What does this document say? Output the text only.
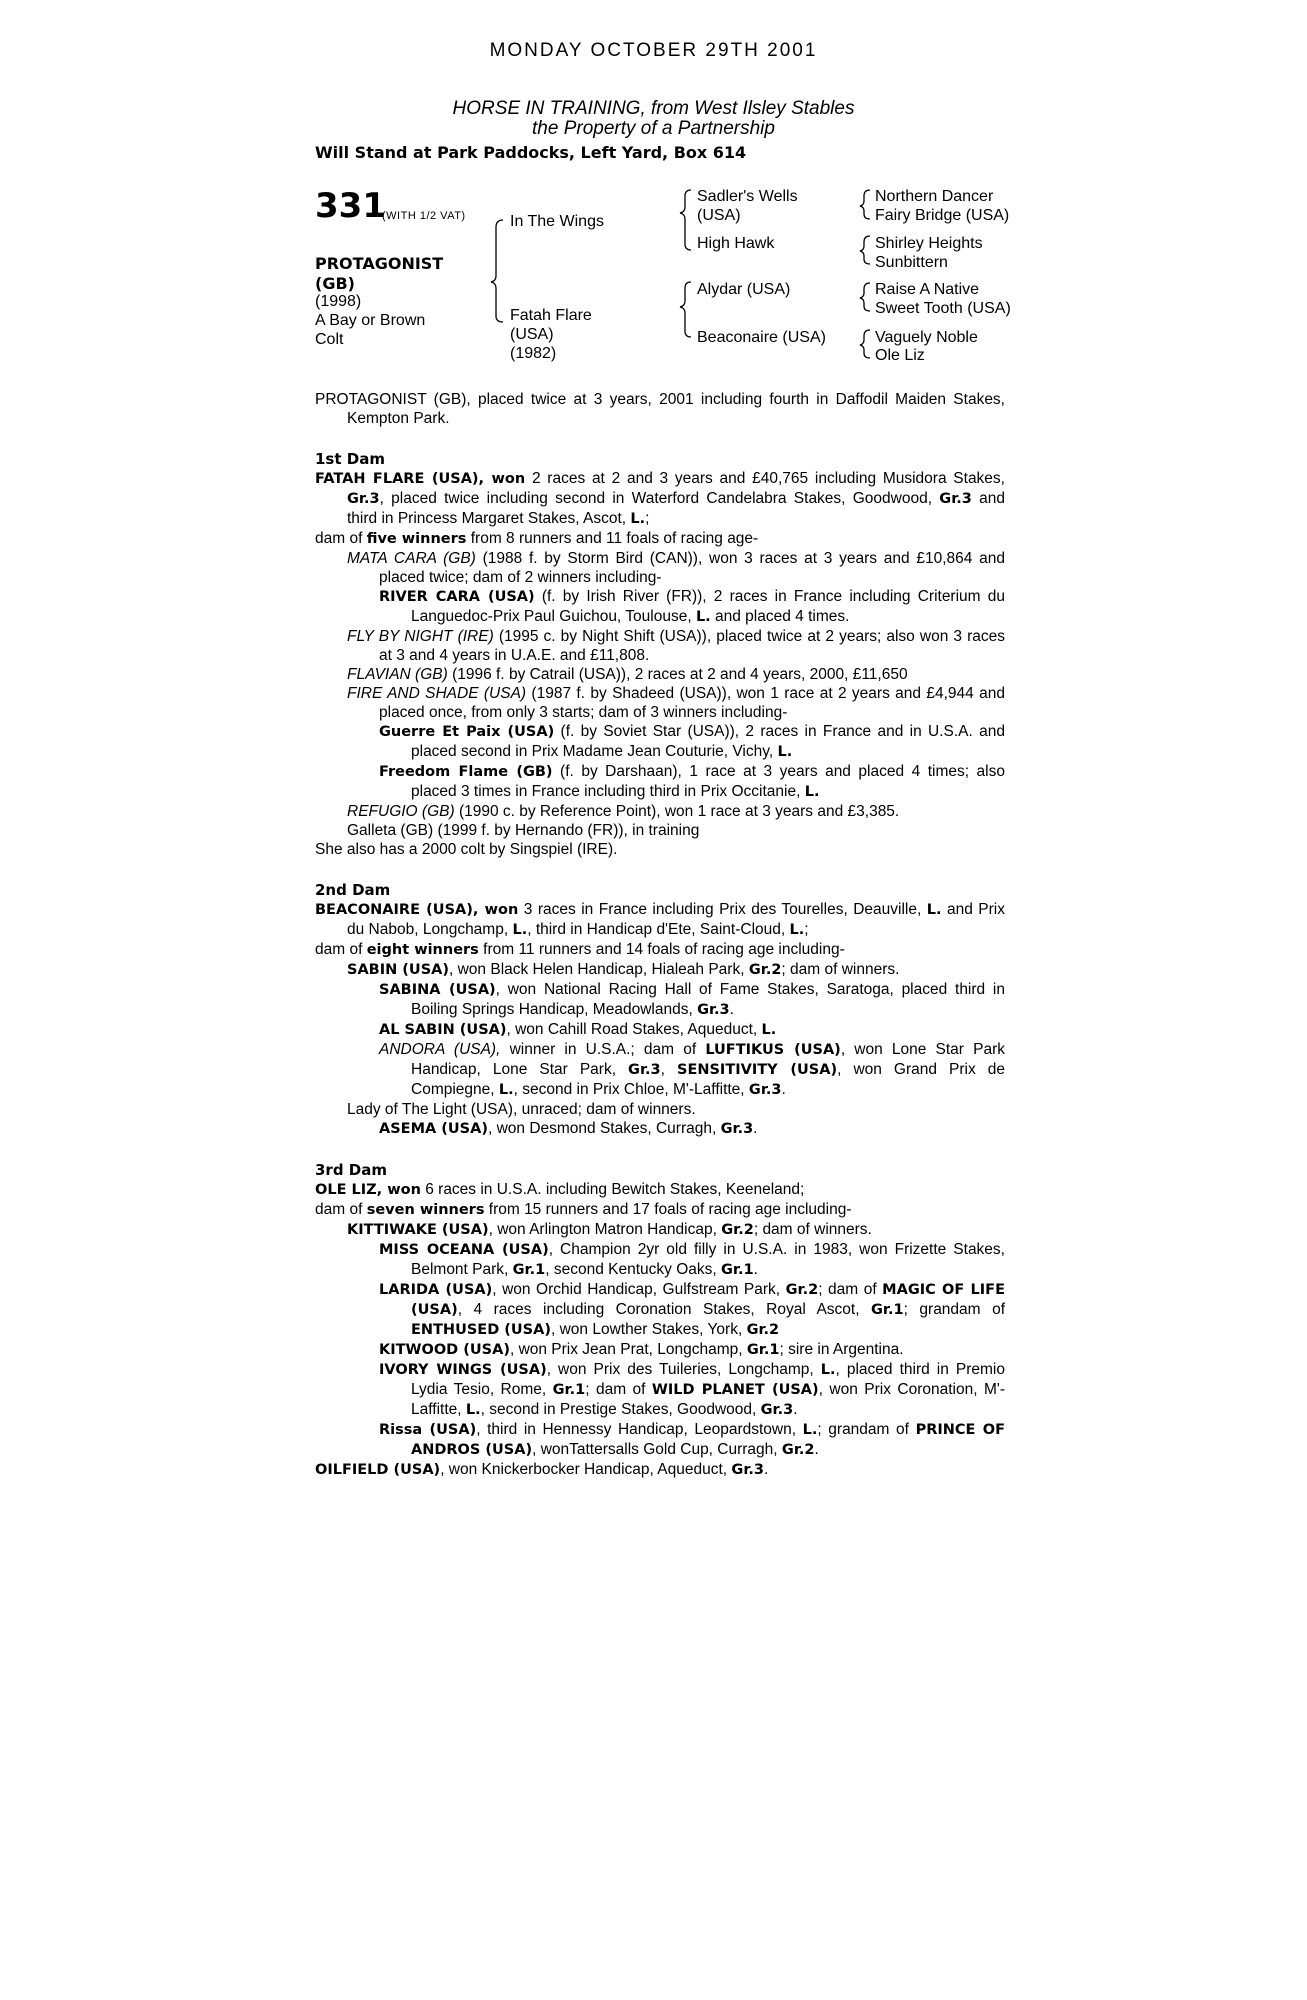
MONDAY OCTOBER 29TH 2001
HORSE IN TRAINING, from West Ilsley Stables
the Property of a Partnership
Will Stand at Park Paddocks, Left Yard, Box 614
331
(WITH 1/2 VAT)
PROTAGONIST
(GB)
(1998)
A Bay or Brown
Colt
In The Wings
Fatah Flare
(USA)
(1982)
Sadler's Wells
(USA)
High Hawk
Alydar (USA)
Beaconaire (USA)
Northern Dancer
Fairy Bridge (USA)
Shirley Heights
Sunbittern
Raise A Native
Sweet Tooth (USA)
Vaguely Noble
Ole Liz

PROTAGONIST (GB), placed twice at 3 years, 2001 including fourth in Daffodil Maiden Stakes, Kempton Park.

1st Dam

FATAH FLARE (USA), won 2 races at 2 and 3 years and £40,765 including Musidora Stakes, Gr.3, placed twice including second in Waterford Candelabra Stakes, Goodwood, Gr.3 and third in Princess Margaret Stakes, Ascot, L.;

dam of five winners from 8 runners and 11 foals of racing age-

MATA CARA (GB) (1988 f. by Storm Bird (CAN)), won 3 races at 3 years and £10,864 and placed twice; dam of 2 winners including-

RIVER CARA (USA) (f. by Irish River (FR)), 2 races in France including Criterium du Languedoc-Prix Paul Guichou, Toulouse, L. and placed 4 times.

FLY BY NIGHT (IRE) (1995 c. by Night Shift (USA)), placed twice at 2 years; also won 3 races at 3 and 4 years in U.A.E. and £11,808.

FLAVIAN (GB) (1996 f. by Catrail (USA)), 2 races at 2 and 4 years, 2000, £11,650

FIRE AND SHADE (USA) (1987 f. by Shadeed (USA)), won 1 race at 2 years and £4,944 and placed once, from only 3 starts; dam of 3 winners including-

Guerre Et Paix (USA) (f. by Soviet Star (USA)), 2 races in France and in U.S.A. and placed second in Prix Madame Jean Couturie, Vichy, L.

Freedom Flame (GB) (f. by Darshaan), 1 race at 3 years and placed 4 times; also placed 3 times in France including third in Prix Occitanie, L.

REFUGIO (GB) (1990 c. by Reference Point), won 1 race at 3 years and £3,385.

Galleta (GB) (1999 f. by Hernando (FR)), in training

She also has a 2000 colt by Singspiel (IRE).

2nd Dam

BEACONAIRE (USA), won 3 races in France including Prix des Tourelles, Deauville, L. and Prix du Nabob, Longchamp, L., third in Handicap d'Ete, Saint-Cloud, L.;

dam of eight winners from 11 runners and 14 foals of racing age including-

SABIN (USA), won Black Helen Handicap, Hialeah Park, Gr.2; dam of winners.

SABINA (USA), won National Racing Hall of Fame Stakes, Saratoga, placed third in Boiling Springs Handicap, Meadowlands, Gr.3.

AL SABIN (USA), won Cahill Road Stakes, Aqueduct, L.

ANDORA (USA), winner in U.S.A.; dam of LUFTIKUS (USA), won Lone Star Park Handicap, Lone Star Park, Gr.3, SENSITIVITY (USA), won Grand Prix de Compiegne, L., second in Prix Chloe, M'-Laffitte, Gr.3.

Lady of The Light (USA), unraced; dam of winners.

ASEMA (USA), won Desmond Stakes, Curragh, Gr.3.

3rd Dam

OLE LIZ, won 6 races in U.S.A. including Bewitch Stakes, Keeneland;

dam of seven winners from 15 runners and 17 foals of racing age including-

KITTIWAKE (USA), won Arlington Matron Handicap, Gr.2; dam of winners.

MISS OCEANA (USA), Champion 2yr old filly in U.S.A. in 1983, won Frizette Stakes, Belmont Park, Gr.1, second Kentucky Oaks, Gr.1.

LARIDA (USA), won Orchid Handicap, Gulfstream Park, Gr.2; dam of MAGIC OF LIFE (USA), 4 races including Coronation Stakes, Royal Ascot, Gr.1; grandam of ENTHUSED (USA), won Lowther Stakes, York, Gr.2

KITWOOD (USA), won Prix Jean Prat, Longchamp, Gr.1; sire in Argentina.

IVORY WINGS (USA), won Prix des Tuileries, Longchamp, L., placed third in Premio Lydia Tesio, Rome, Gr.1; dam of WILD PLANET (USA), won Prix Coronation, M'-Laffitte, L., second in Prestige Stakes, Goodwood, Gr.3.

Rissa (USA), third in Hennessy Handicap, Leopardstown, L.; grandam of PRINCE OF ANDROS (USA), wonTattersalls Gold Cup, Curragh, Gr.2.

OILFIELD (USA), won Knickerbocker Handicap, Aqueduct, Gr.3.
